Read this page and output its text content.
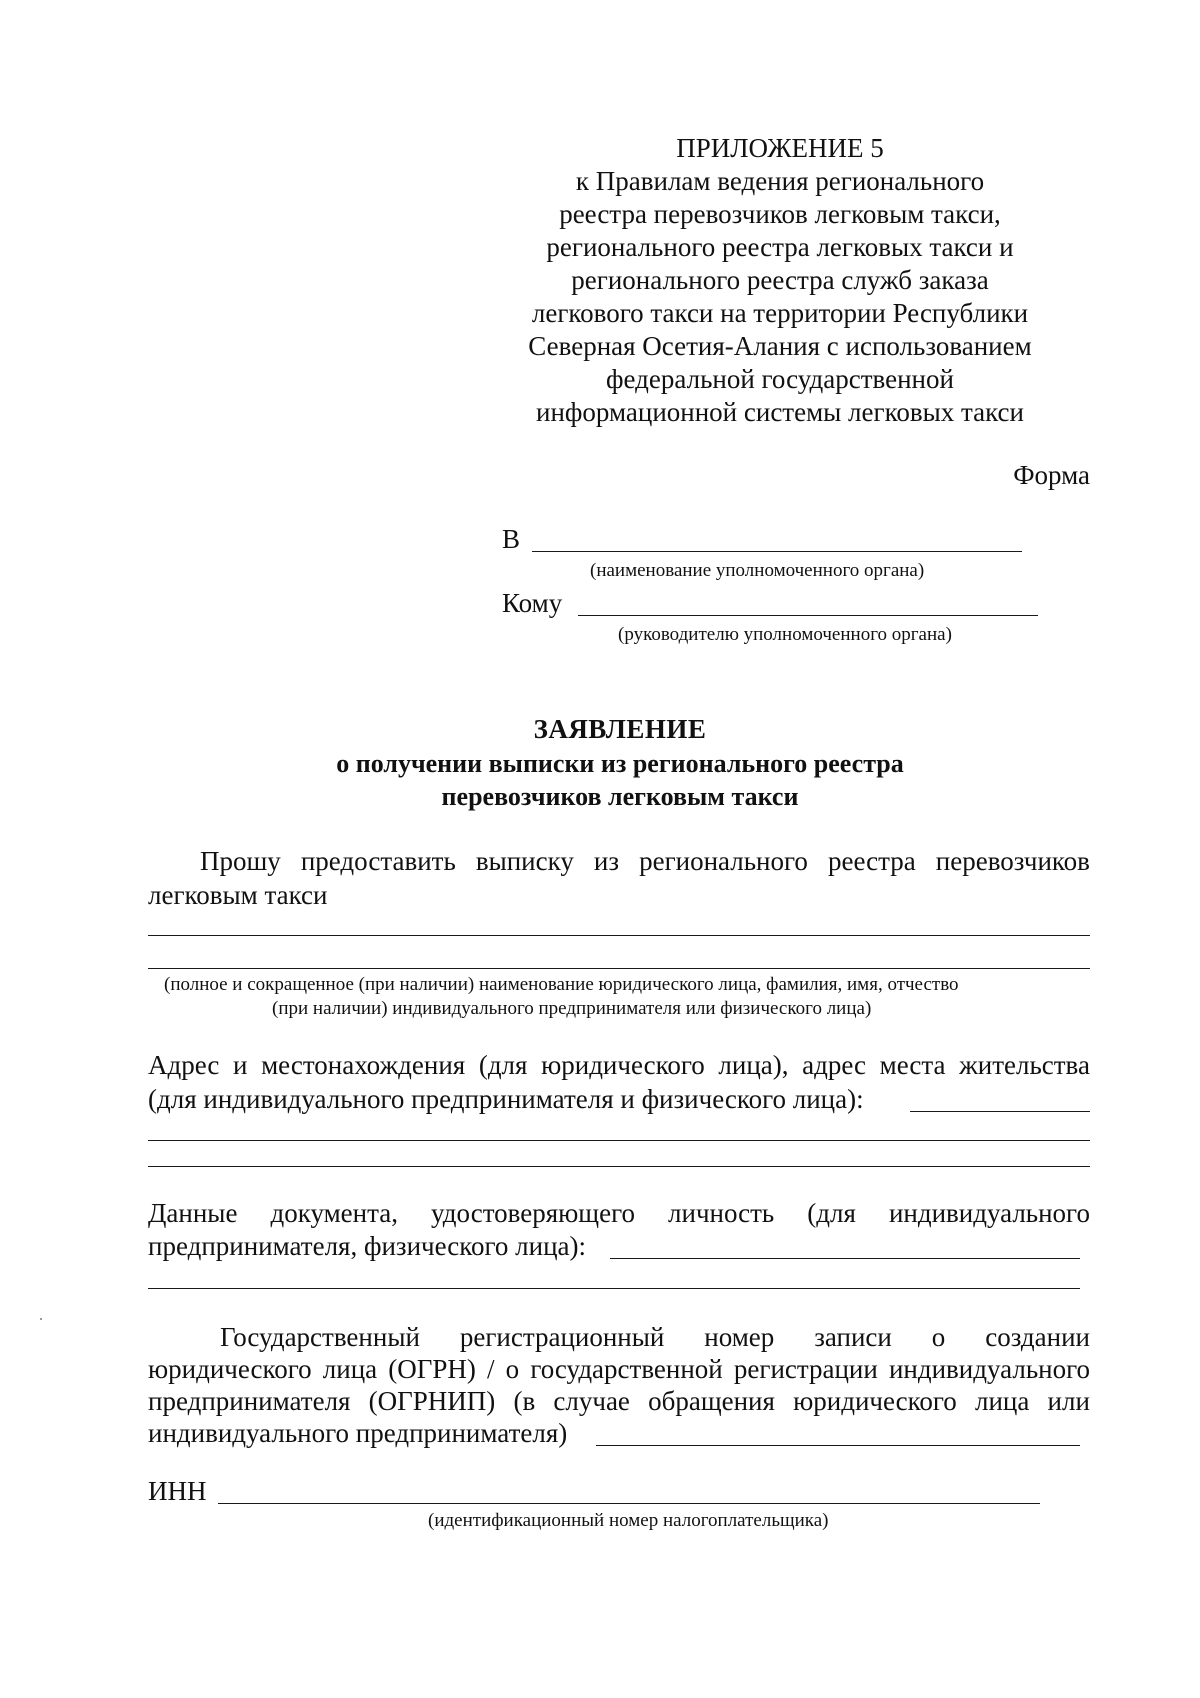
ПРИЛОЖЕНИЕ 5
к Правилам ведения регионального
реестра перевозчиков легковым такси,
регионального реестра легковых такси и
регионального реестра служб заказа
легкового такси на территории Республики
Северная Осетия-Алания с использованием
федеральной государственной
информационной системы легковых такси
Форма
В
(наименование уполномоченного органа)
Кому
(руководителю уполномоченного органа)
ЗАЯВЛЕНИЕ
о получении выписки из регионального реестра
перевозчиков легковым такси
Прошу предоставить выписку из регионального реестра перевозчиков
легковым такси
(полное и сокращенное (при наличии) наименование юридического лица, фамилия, имя, отчество
(при наличии) индивидуального предпринимателя или физического лица)
Адрес и местонахождения (для юридического лица), адрес места жительства
(для индивидуального предпринимателя и физического лица):
Данные документа, удостоверяющего личность (для индивидуального
предпринимателя, физического лица):
Государственный регистрационный номер записи о создании
юридического лица (ОГРН) / о государственной регистрации индивидуального
предпринимателя (ОГРНИП) (в случае обращения юридического лица или
индивидуального предпринимателя)
ИНН
(идентификационный номер налогоплательщика)
